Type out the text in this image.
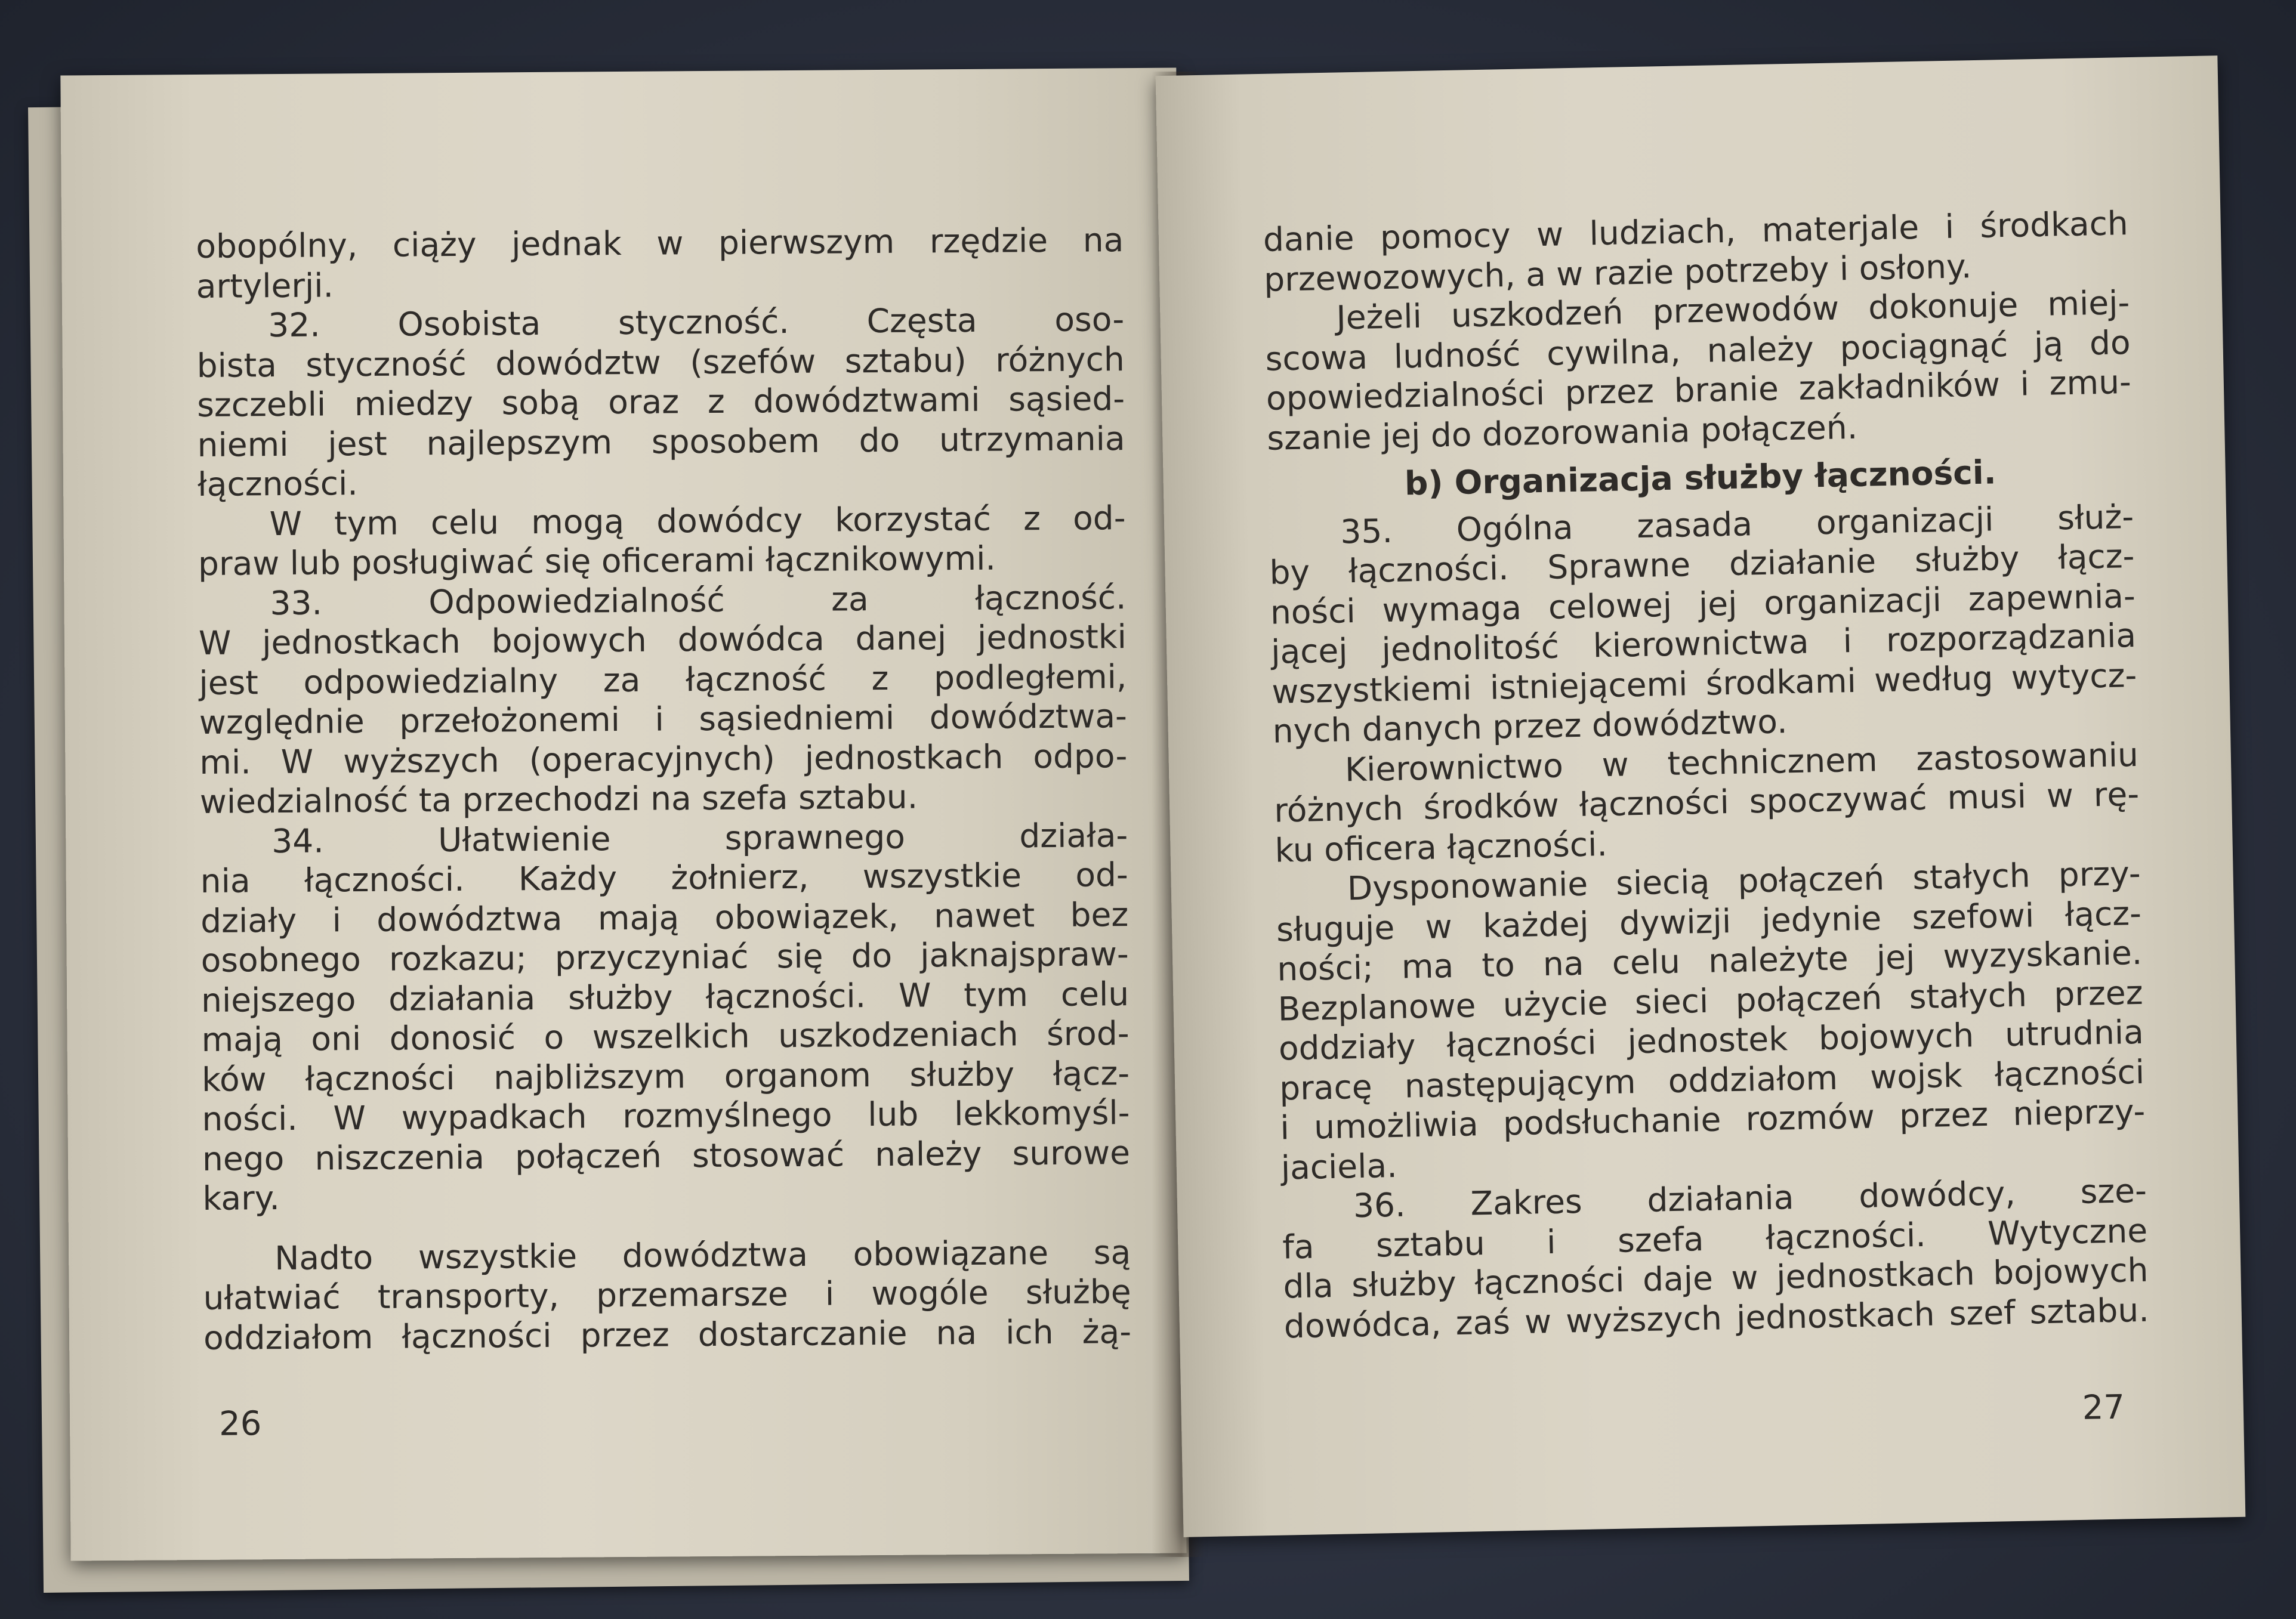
obopólny, ciąży jednak w pierwszym rzędzie na
artylerji.
32. Osobista styczność. Częsta oso-
bista styczność dowództw (szefów sztabu) różnych
szczebli miedzy sobą oraz z dowództwami sąsied-
niemi jest najlepszym sposobem do utrzymania
łączności.
W tym celu mogą dowódcy korzystać z od-
praw lub posługiwać się oficerami łącznikowymi.
33. Odpowiedzialność za łączność.
W jednostkach bojowych dowódca danej jednostki
jest odpowiedzialny za łączność z podległemi,
względnie przełożonemi i sąsiedniemi dowództwa-
mi. W wyższych (operacyjnych) jednostkach odpo-
wiedzialność ta przechodzi na szefa sztabu.
34. Ułatwienie sprawnego działa-
nia łączności. Każdy żołnierz, wszystkie od-
działy i dowództwa mają obowiązek, nawet bez
osobnego rozkazu; przyczyniać się do jaknajspraw-
niejszego działania służby łączności. W tym celu
mają oni donosić o wszelkich uszkodzeniach środ-
ków łączności najbliższym organom służby łącz-
ności. W wypadkach rozmyślnego lub lekkomyśl-
nego niszczenia połączeń stosować należy surowe
kary.
Nadto wszystkie dowództwa obowiązane są
ułatwiać transporty, przemarsze i wogóle służbę
oddziałom łączności przez dostarczanie na ich żą-
26
danie pomocy w ludziach, materjale i środkach
przewozowych, a w razie potrzeby i osłony.
Jeżeli uszkodzeń przewodów dokonuje miej-
scowa ludność cywilna, należy pociągnąć ją do
opowiedzialności przez branie zakładników i zmu-
szanie jej do dozorowania połączeń.
b) Organizacja służby łączności.
35. Ogólna zasada organizacji służ-
by łączności. Sprawne działanie służby łącz-
ności wymaga celowej jej organizacji zapewnia-
jącej jednolitość kierownictwa i rozporządzania
wszystkiemi istniejącemi środkami według wytycz-
nych danych przez dowództwo.
Kierownictwo w technicznem zastosowaniu
różnych środków łączności spoczywać musi w rę-
ku oficera łączności.
Dysponowanie siecią połączeń stałych przy-
sługuje w każdej dywizji jedynie szefowi łącz-
ności; ma to na celu należyte jej wyzyskanie.
Bezplanowe użycie sieci połączeń stałych przez
oddziały łączności jednostek bojowych utrudnia
pracę następującym oddziałom wojsk łączności
i umożliwia podsłuchanie rozmów przez nieprzy-
jaciela.
36. Zakres działania dowódcy, sze-
fa sztabu i szefa łączności. Wytyczne
dla służby łączności daje w jednostkach bojowych
dowódca, zaś w wyższych jednostkach szef sztabu.
27
